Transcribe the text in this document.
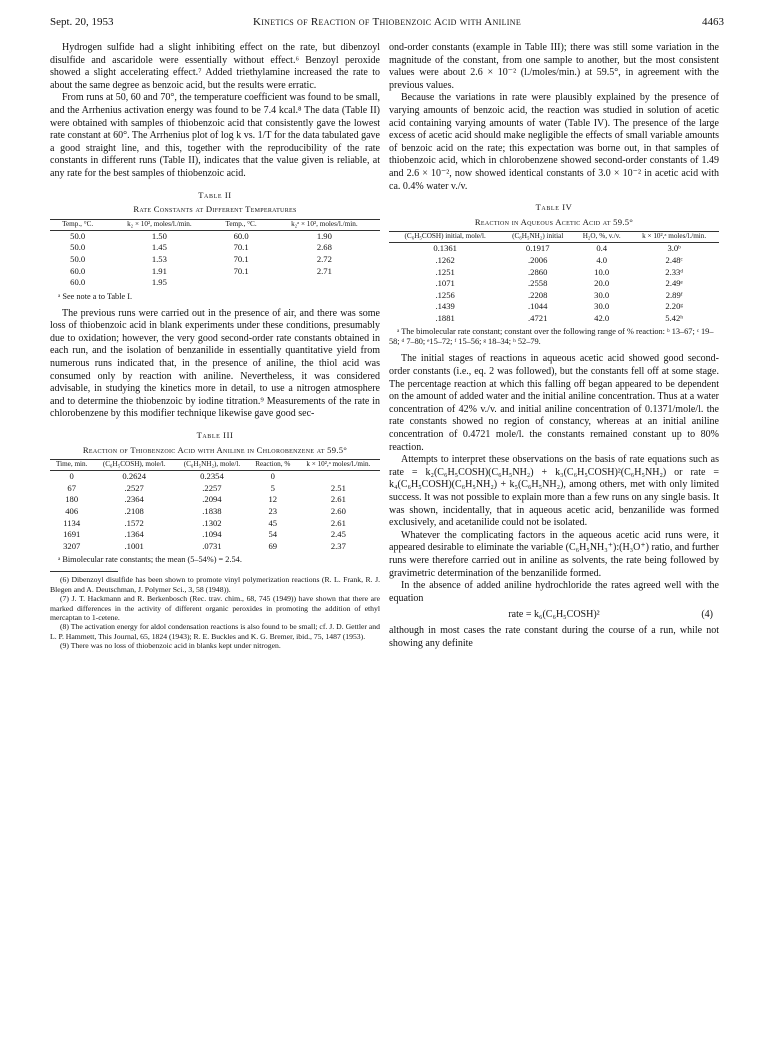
Sept. 20, 1953	Kinetics of Reaction of Thiobenzoic Acid with Aniline	4463

Hydrogen sulfide had a slight inhibiting effect on the rate, but dibenzoyl disulfide and ascaridole were essentially without effect.⁶ Benzoyl peroxide showed a slight accelerating effect.⁷ Added triethylamine increased the rate to about the same degree as benzoic acid, but the results were erratic.

From runs at 50, 60 and 70°, the temperature coefficient was found to be small, and the Arrhenius activation energy was found to be 7.4 kcal.⁸ The data (Table II) were obtained with samples of thiobenzoic acid that consistently gave the lowest rate constant at 60°. The Arrhenius plot of log k vs. 1/T for the data tabulated gave a good straight line, and this, together with the reproducibility of the rate constants in different runs (Table II), indicates that the value given is reliable, at any rate for the best samples of thiobenzoic acid.

Table II
Rate Constants at Different Temperatures
Temp., °C.	k₂ × 10², moles/l./min.	Temp., °C.	k₂ᵃ × 10², moles/l./min.
50.0	1.50	60.0	1.90
50.0	1.45	70.1	2.68
50.0	1.53	70.1	2.72
60.0	1.91	70.1	2.71
60.0	1.95		
ᵃ See note a to Table I.

The previous runs were carried out in the presence of air, and there was some loss of thiobenzoic acid in blank experiments under these conditions, presumably due to oxidation; however, the very good second-order rate constants obtained in each run, and the isolation of benzanilide in essentially quantitative yield from numerous runs indicated that, in the presence of aniline, the thiol acid was consumed only by reaction with aniline. Nevertheless, it was considered advisable, in studying the kinetics more in detail, to use a nitrogen atmosphere and to determine the thiobenzoic by iodine titration.⁹ Measurements of the rate in chlorobenzene by this modifier technique likewise gave good sec-

Table III
Reaction of Thiobenzoic Acid with Aniline in Chlorobenzene at 59.5°
Time, min.	(C₆H₅COSH), mole/l.	(C₆H₅NH₂), mole/l.	Reaction, %	k × 10²,ᵃ moles/l./min.
0	0.2624	0.2354	0	
67	.2527	.2257	5	2.51
180	.2364	.2094	12	2.61
406	.2108	.1838	23	2.60
1134	.1572	.1302	45	2.61
1691	.1364	.1094	54	2.45
3207	.1001	.0731	69	2.37
ᵃ Bimolecular rate constants; the mean (5–54%) = 2.54.

(6) Dibenzoyl disulfide has been shown to promote vinyl polymerization reactions (R. L. Frank, R. J. Blegen and A. Deutschman, J. Polymer Sci., 3, 58 (1948)).

(7) J. T. Hackmann and R. Berkenbosch (Rec. trav. chim., 68, 745 (1949)) have shown that there are marked differences in the activity of different organic peroxides in promoting the addition of ethyl mercaptan to 1-cetene.

(8) The activation energy for aldol condensation reactions is also found to be small; cf. J. D. Gettler and L. P. Hammett, This Journal, 65, 1824 (1943); R. E. Buckles and K. G. Bremer, ibid., 75, 1487 (1953).

(9) There was no loss of thiobenzoic acid in blanks kept under nitrogen.

ond-order constants (example in Table III); there was still some variation in the magnitude of the constant, from one sample to another, but the most consistent values were about 2.6 × 10⁻² (l./moles/min.) at 59.5°, in agreement with the previous values.

Because the variations in rate were plausibly explained by the presence of varying amounts of benzoic acid, the reaction was studied in solution of acetic acid containing varying amounts of water (Table IV). The presence of the large excess of acetic acid should make negligible the effects of small variable amounts of benzoic acid on the rate; this expectation was borne out, in that samples of thiobenzoic acid, which in chlorobenzene showed second-order constants of 1.49 and 2.6 × 10⁻², now showed identical constants of 3.0 × 10⁻² in acetic acid with ca. 0.4% water v./v.

Table IV
Reaction in Aqueous Acetic Acid at 59.5°
(C₆H₅COSH) initial, mole/l.	(C₆H₅NH₂) initial	H₂O, %, v./v.	k × 10²,ᵃ moles/l./min.
0.1361	0.1917	0.4	3.0ᵇ
.1262	.2006	4.0	2.48ᶜ
.1251	.2860	10.0	2.33ᵈ
.1071	.2558	20.0	2.49ᵉ
.1256	.2208	30.0	2.89ᶠ
.1439	.1044	30.0	2.20ᵍ
.1881	.4721	42.0	5.42ʰ
ᵃ The bimolecular rate constant; constant over the following range of % reaction: ᵇ 13–67; ᶜ 19–58; ᵈ 7–80; ᵉ15–72; ᶠ 15–56; ᵍ 18–34; ʰ 52–79.

The initial stages of reactions in aqueous acetic acid showed good second-order constants (i.e., eq. 2 was followed), but the constants fell off at some stage. The percentage reaction at which this falling off began appeared to be dependent on the amount of added water and the initial aniline concentration. Thus at a water concentration of 42% v./v. and initial aniline concentration of 0.1371/mole/l. the rate constants showed no region of constancy, whereas at an initial aniline concentration of 0.4721 mole/l. the constants remained constant up to 80% reaction.

Attempts to interpret these observations on the basis of rate equations such as rate = k₂(C₆H₅COSH)(C₆H₅NH₂) + k₃(C₆H₅COSH)²(C₆H₅NH₂) or rate = k₄(C₆H₅COSH)(C₆H₅NH₂) + k₅(C₆H₅NH₂), among others, met with only limited success. It was not possible to explain more than a few runs on any single basis. It was shown, incidentally, that in aqueous acetic acid, benzanilide was formed exclusively, and acetanilide could not be isolated.

Whatever the complicating factors in the aqueous acetic acid runs were, it appeared desirable to eliminate the variable (C₆H₅NH₃⁺):(H₃O⁺) ratio, and further runs were therefore carried out in aniline as solvents, the rate being followed by gravimetric determination of the benzanilide formed.

In the absence of added aniline hydrochloride the rates agreed well with the equation

rate = k₆(C₆H₅COSH)²	(4)

although in most cases the rate constant during the course of a run, while not showing any definite
